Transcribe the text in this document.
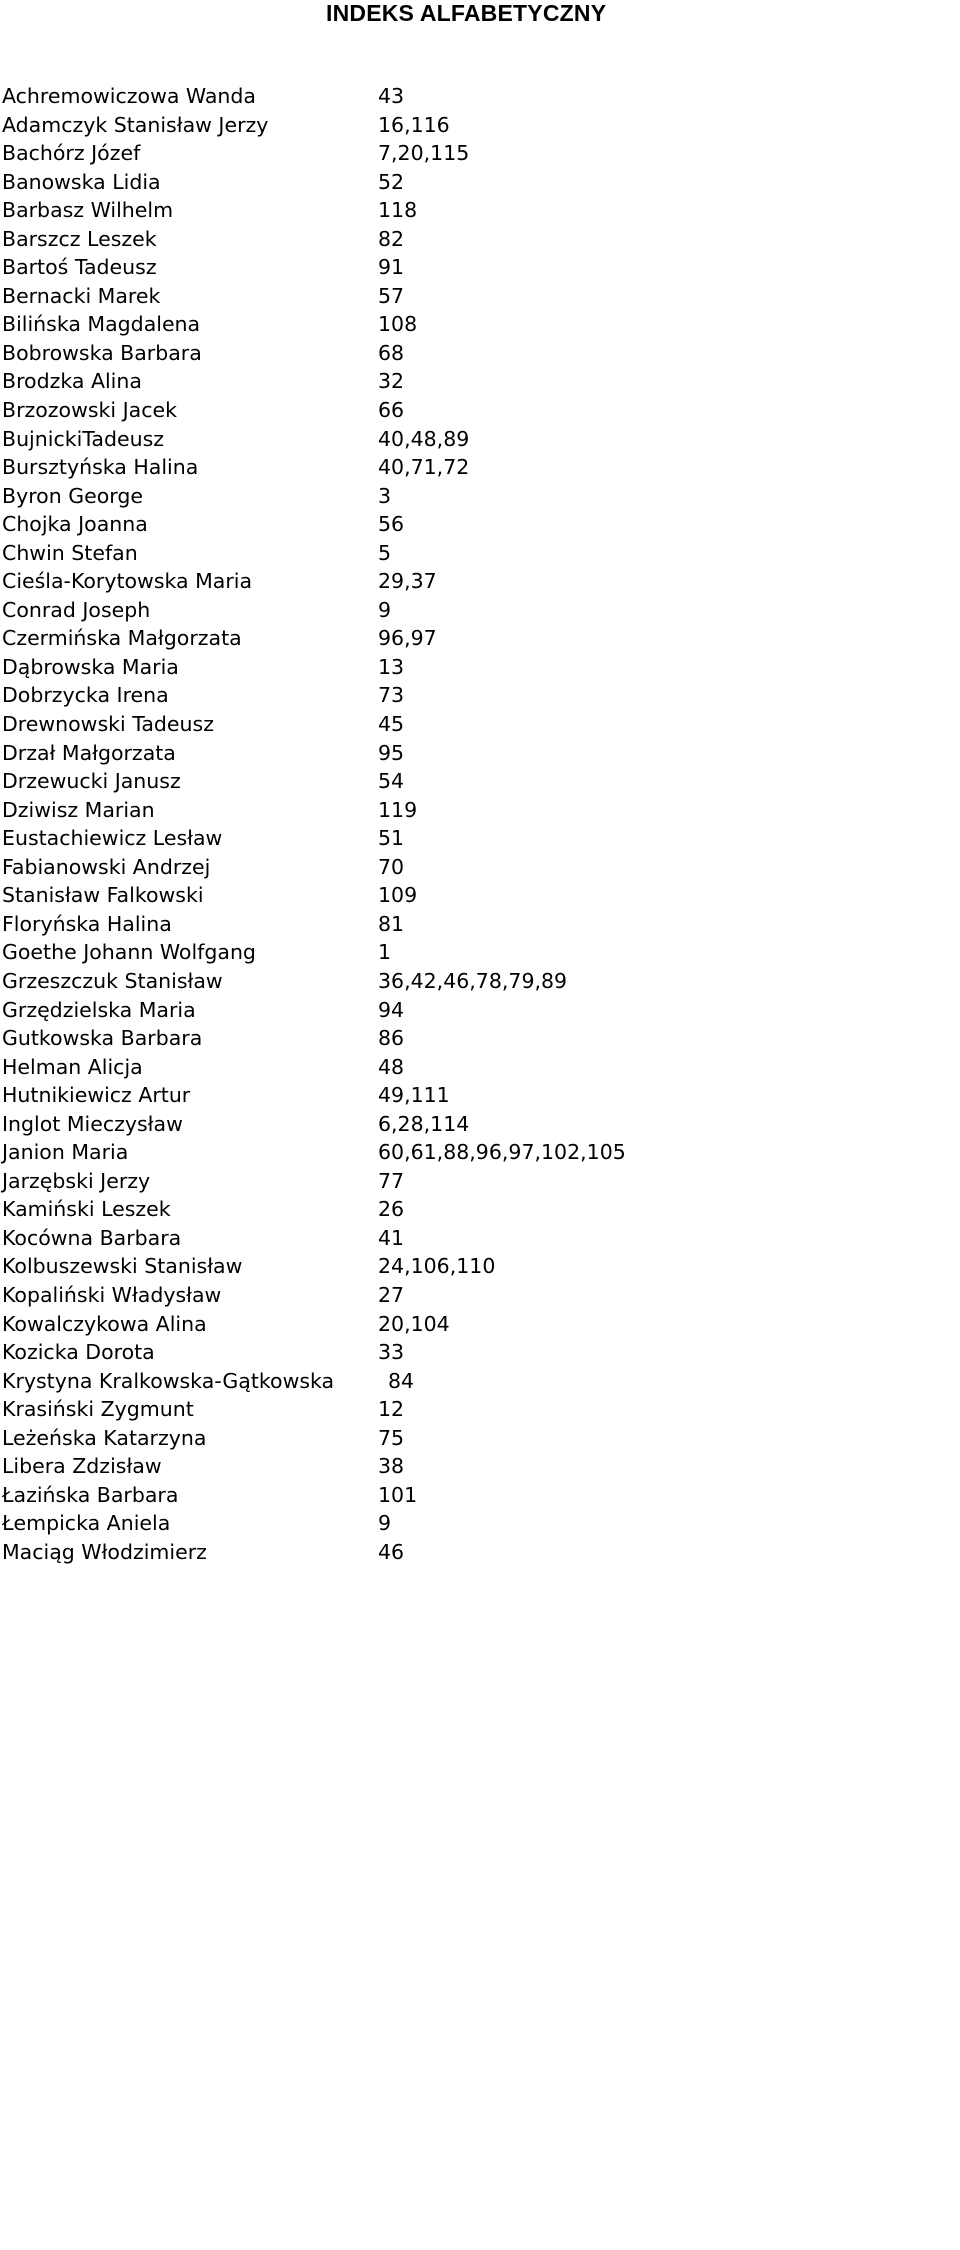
INDEKS ALFABETYCZNY
Achremowiczowa Wanda	43
Adamczyk Stanisław Jerzy	16,116
Bachórz Józef	7,20,115
Banowska Lidia	52
Barbasz Wilhelm	118
Barszcz Leszek	82
Bartoś Tadeusz	91
Bernacki Marek	57
Bilińska Magdalena	108
Bobrowska Barbara	68
Brodzka Alina	32
Brzozowski Jacek	66
BujnickiTadeusz	40,48,89
Bursztyńska Halina	40,71,72
Byron George	3
Chojka Joanna	56
Chwin Stefan	5
Cieśla-Korytowska Maria	29,37
Conrad Joseph	9
Czermińska Małgorzata	96,97
Dąbrowska Maria	13
Dobrzycka Irena	73
Drewnowski Tadeusz	45
Drzał Małgorzata	95
Drzewucki Janusz	54
Dziwisz Marian	119
Eustachiewicz Lesław	51
Fabianowski Andrzej	70
Stanisław Falkowski	109
Floryńska Halina	81
Goethe Johann Wolfgang	1
Grzeszczuk Stanisław	36,42,46,78,79,89
Grzędzielska Maria	94
Gutkowska Barbara	86
Helman Alicja	48
Hutnikiewicz Artur	49,111
Inglot Mieczysław	6,28,114
Janion Maria	60,61,88,96,97,102,105
Jarzębski Jerzy	77
Kamiński Leszek	26
Kocówna Barbara	41
Kolbuszewski Stanisław	24,106,110
Kopaliński Władysław	27
Kowalczykowa Alina	20,104
Kozicka Dorota	33
Krystyna Kralkowska-Gątkowska	84
Krasiński Zygmunt	12
Leżeńska Katarzyna	75
Libera Zdzisław	38
Łazińska Barbara	101
Łempicka Aniela	9
Maciąg Włodzimierz	46
